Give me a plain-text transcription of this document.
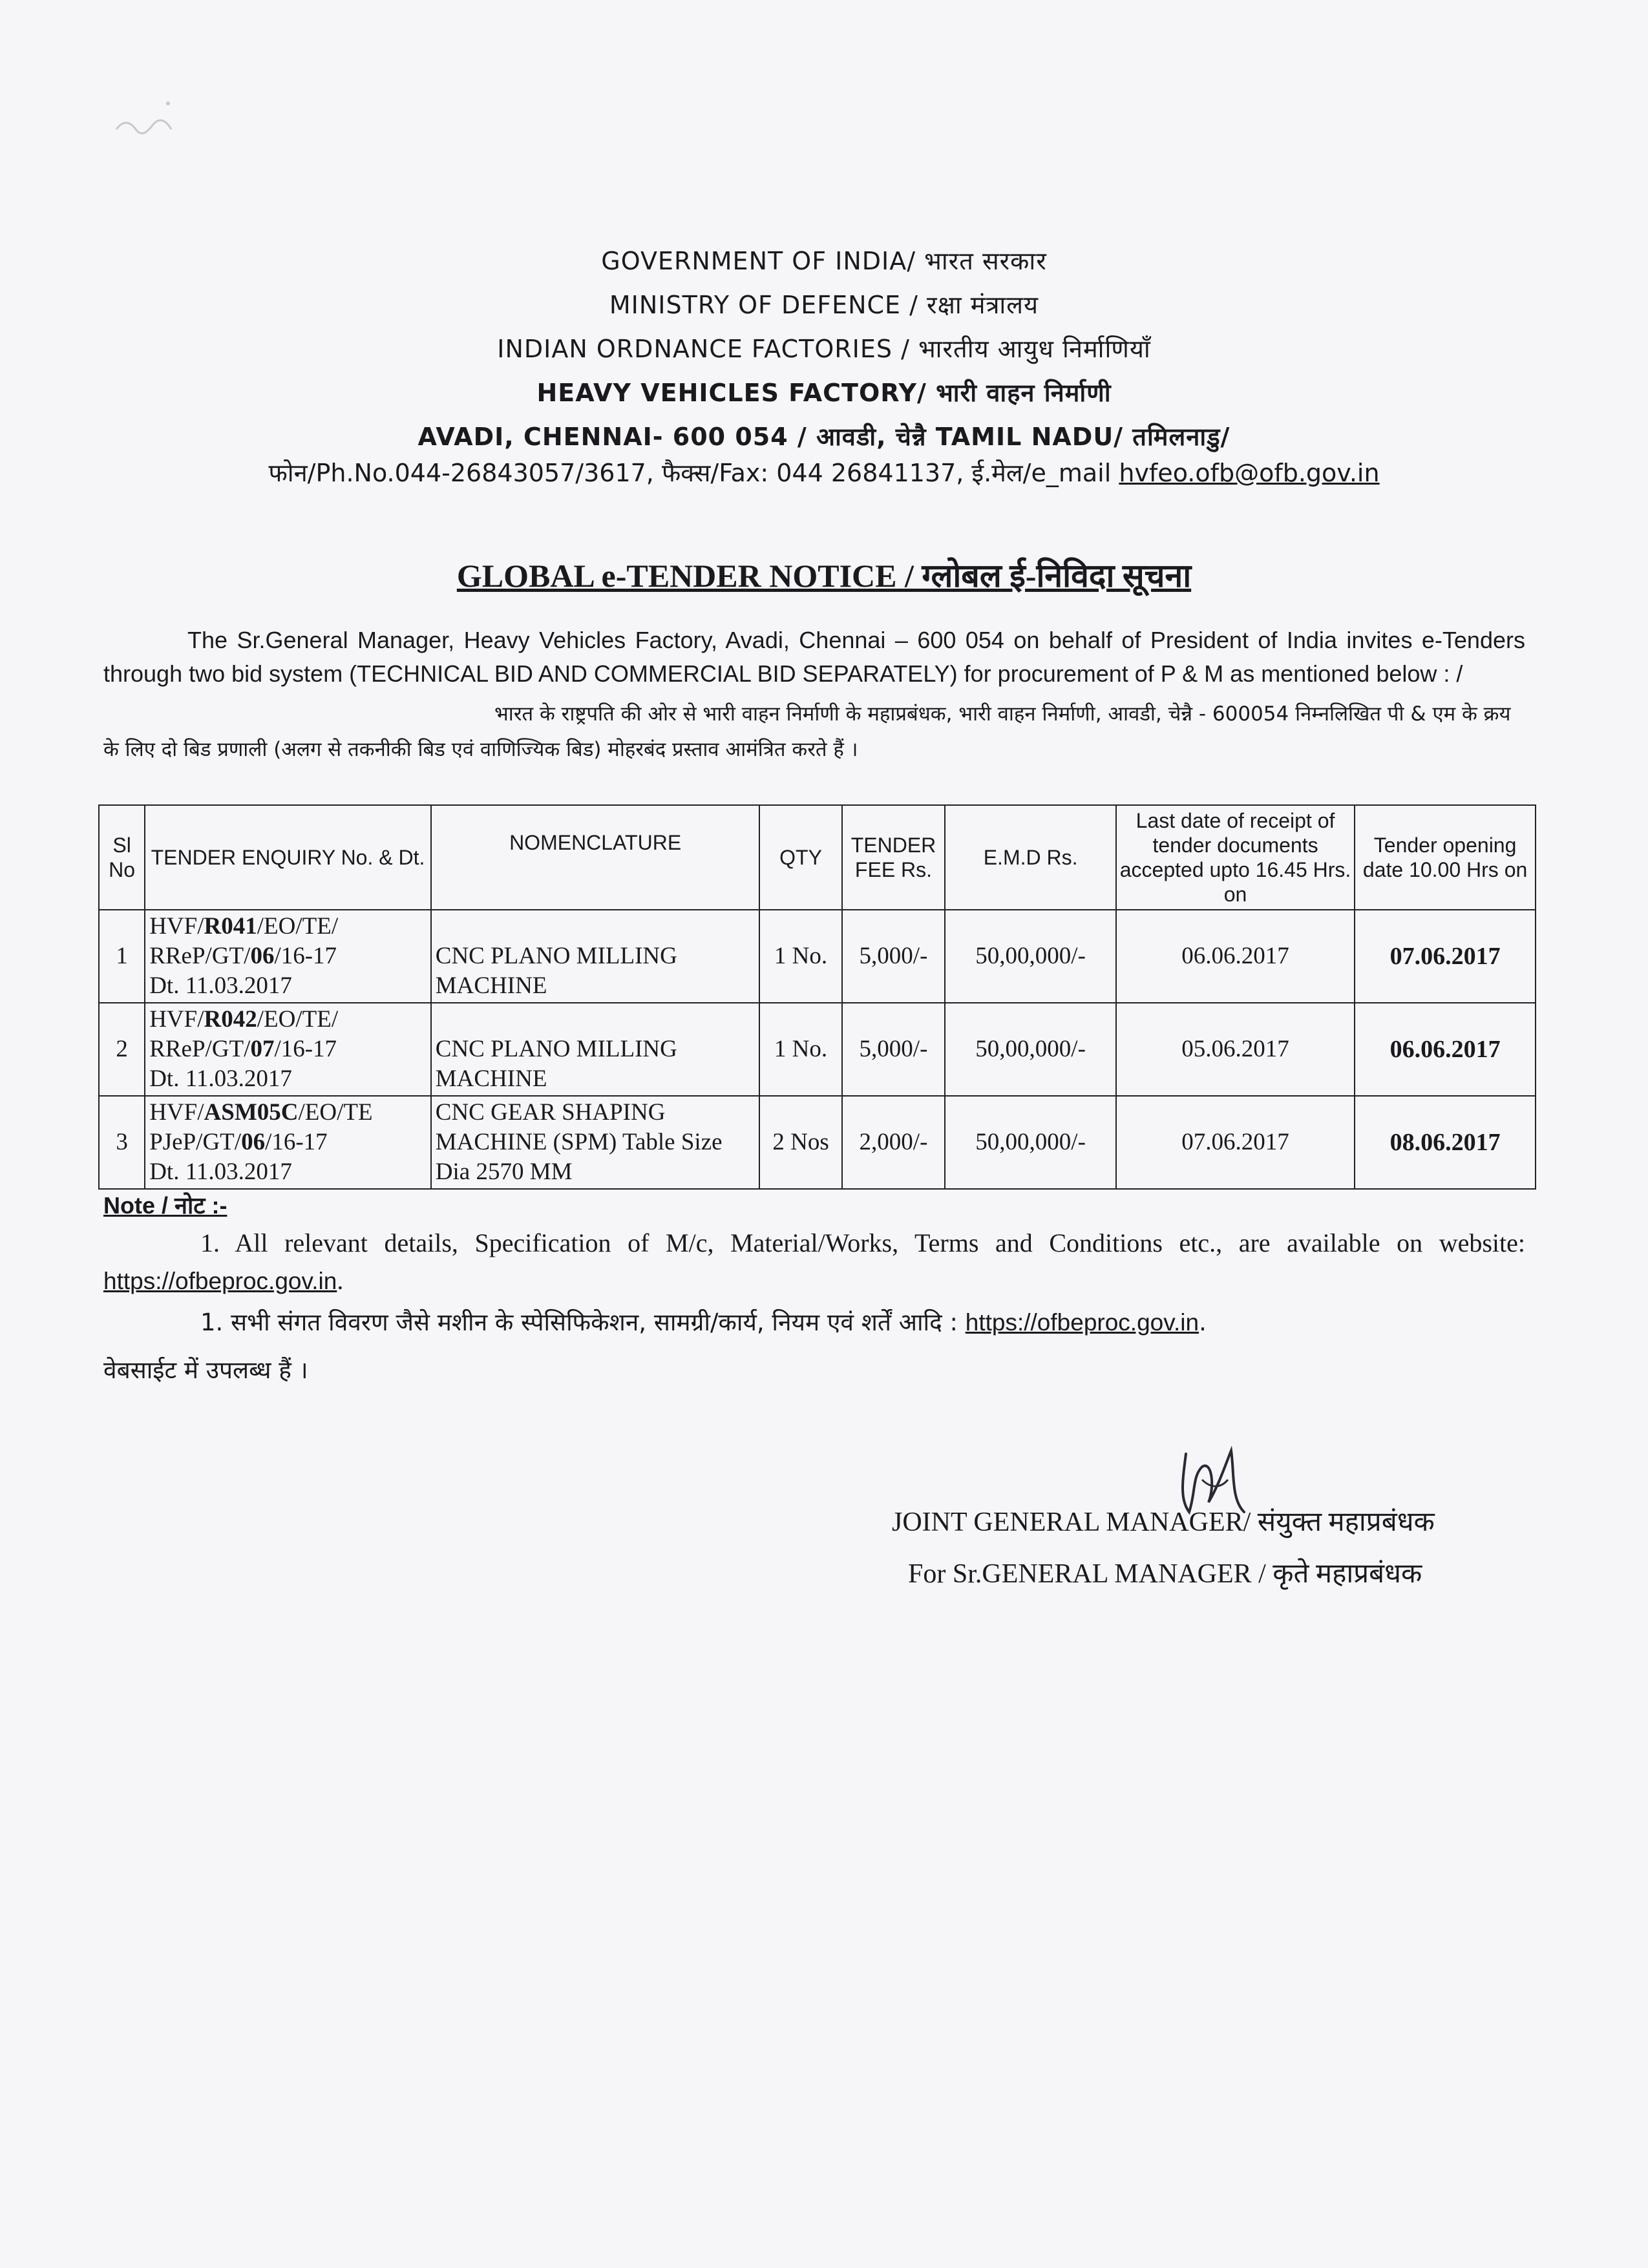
GOVERNMENT OF INDIA/ भारत सरकार
MINISTRY OF DEFENCE / रक्षा मंत्रालय
INDIAN ORDNANCE FACTORIES / भारतीय आयुध निर्माणियाँ
HEAVY VEHICLES FACTORY/ भारी वाहन निर्माणी
AVADI, CHENNAI- 600 054 / आवडी, चेन्नै TAMIL NADU/ तमिलनाडु/
फोन/Ph.No.044-26843057/3617, फैक्स/Fax: 044 26841137, ई.मेल/e_mail hvfeo.ofb@ofb.gov.in
GLOBAL e-TENDER NOTICE / ग्लोबल ई-निविदा सूचना
The Sr.General Manager, Heavy Vehicles Factory, Avadi, Chennai – 600 054 on behalf of President of India invites e-Tenders through two bid system (TECHNICAL BID AND COMMERCIAL BID SEPARATELY) for procurement of P & M as mentioned below : /
भारत के राष्ट्रपति की ओर से भारी वाहन निर्माणी के महाप्रबंधक, भारी वाहन निर्माणी, आवडी, चेन्नै - 600054 निम्नलिखित पी & एम के क्रय के लिए दो बिड प्रणाली (अलग से तकनीकी बिड एवं वाणिज्यिक बिड) मोहरबंद प्रस्ताव आमंत्रित करते हैं ।
Sl No	TENDER ENQUIRY No. & Dt.	NOMENCLATURE	QTY	TENDER FEE Rs.	E.M.D Rs.	Last date of receipt of tender documents accepted upto 16.45 Hrs. on	Tender opening date 10.00 Hrs on
1	HVF/R041/EO/TE/
RReP/GT/06/16-17
Dt. 11.03.2017	CNC PLANO MILLING MACHINE	1 No.	5,000/-	50,00,000/-	06.06.2017	07.06.2017
2	HVF/R042/EO/TE/
RReP/GT/07/16-17
Dt. 11.03.2017	CNC PLANO MILLING MACHINE	1 No.	5,000/-	50,00,000/-	05.06.2017	06.06.2017
3	HVF/ASM05C/EO/TE
PJeP/GT/06/16-17
Dt. 11.03.2017	CNC GEAR SHAPING MACHINE (SPM) Table Size Dia 2570 MM	2 Nos	2,000/-	50,00,000/-	07.06.2017	08.06.2017
Note / नोट :-
1. All relevant details, Specification of M/c, Material/Works, Terms and Conditions etc., are available on website: https://ofbeproc.gov.in.
1. सभी संगत विवरण जैसे मशीन के स्पेसिफिकेशन, सामग्री/कार्य, नियम एवं शर्तें आदि : https://ofbeproc.gov.in.
वेबसाईट में उपलब्ध हैं ।
JOINT GENERAL MANAGER/ संयुक्त महाप्रबंधक
For Sr.GENERAL MANAGER / कृते महाप्रबंधक
